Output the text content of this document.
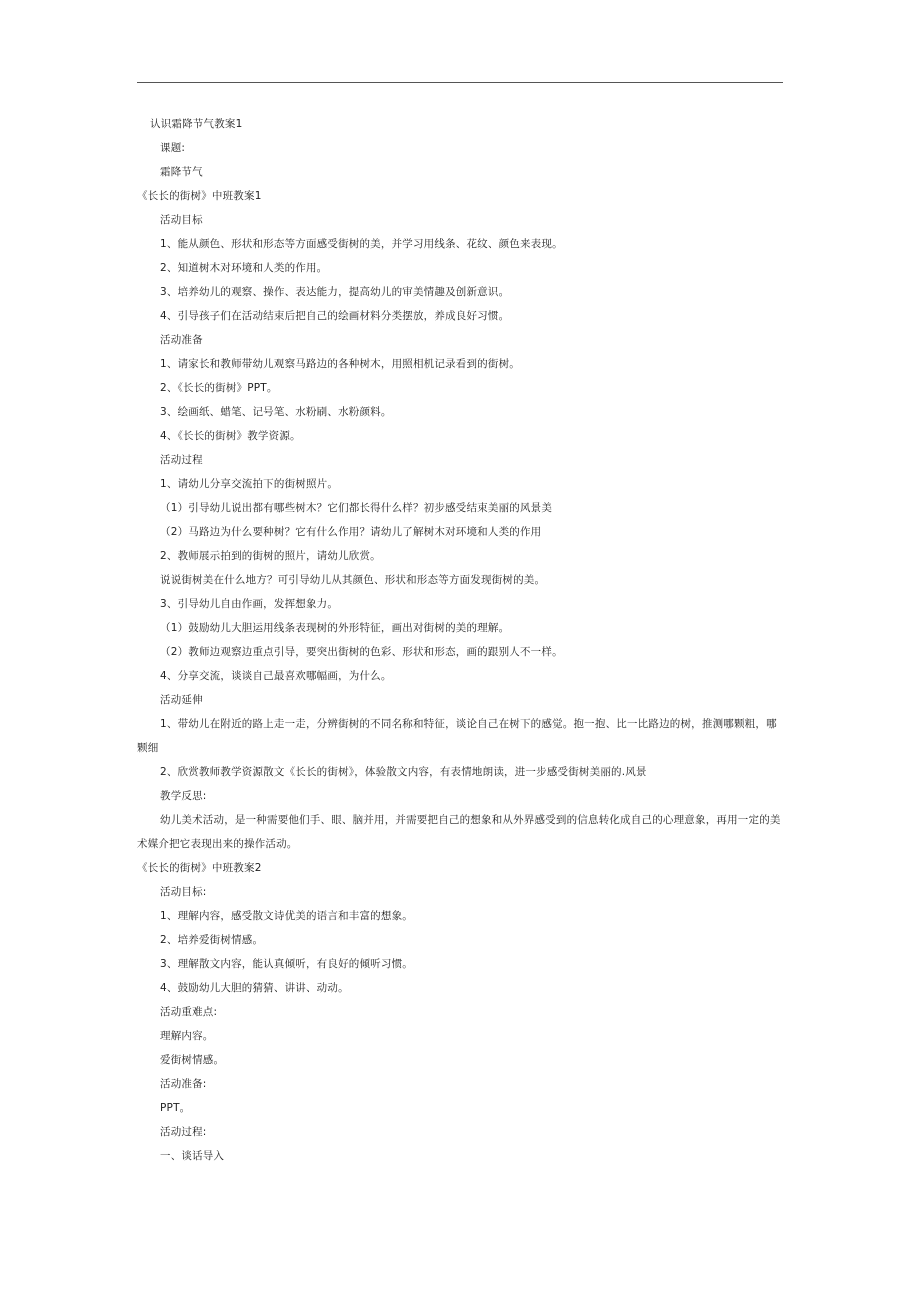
认识霜降节气教案1
课题:
霜降节气
《长长的街树》中班教案1
活动目标
1、能从颜色、形状和形态等方面感受街树的美，并学习用线条、花纹、颜色来表现。
2、知道树木对环境和人类的作用。
3、培养幼儿的观察、操作、表达能力，提高幼儿的审美情趣及创新意识。
4、引导孩子们在活动结束后把自己的绘画材料分类摆放，养成良好习惯。
活动准备
1、请家长和教师带幼儿观察马路边的各种树木，用照相机记录看到的街树。
2、《长长的街树》PPT。
3、绘画纸、蜡笔、记号笔、水粉刷、水粉颜料。
4、《长长的街树》教学资源。
活动过程
1、请幼儿分享交流拍下的街树照片。
（1）引导幼儿说出都有哪些树木？它们都长得什么样？初步感受结束美丽的风景美
（2）马路边为什么要种树？它有什么作用？请幼儿了解树木对环境和人类的作用
2、教师展示拍到的街树的照片，请幼儿欣赏。
说说街树美在什么地方？可引导幼儿从其颜色、形状和形态等方面发现街树的美。
3、引导幼儿自由作画，发挥想象力。
（1）鼓励幼儿大胆运用线条表现树的外形特征，画出对街树的美的理解。
（2）教师边观察边重点引导，要突出街树的色彩、形状和形态，画的跟别人不一样。
4、分享交流，谈谈自己最喜欢哪幅画，为什么。
活动延伸
1、带幼儿在附近的路上走一走，分辨街树的不同名称和特征，谈论自己在树下的感觉。抱一抱、比一比路边的树，推测哪颗粗，哪颗细
2、欣赏教师教学资源散文《长长的街树》，体验散文内容，有表情地朗读，进一步感受街树美丽的.风景
教学反思:
幼儿美术活动，是一种需要他们手、眼、脑并用，并需要把自己的想象和从外界感受到的信息转化成自己的心理意象，再用一定的美术媒介把它表现出来的操作活动。
《长长的街树》中班教案2
活动目标:
1、理解内容，感受散文诗优美的语言和丰富的想象。
2、培养爱街树情感。
3、理解散文内容，能认真倾听，有良好的倾听习惯。
4、鼓励幼儿大胆的猜猜、讲讲、动动。
活动重难点:
理解内容。
爱街树情感。
活动准备:
PPT。
活动过程:
一、谈话导入
